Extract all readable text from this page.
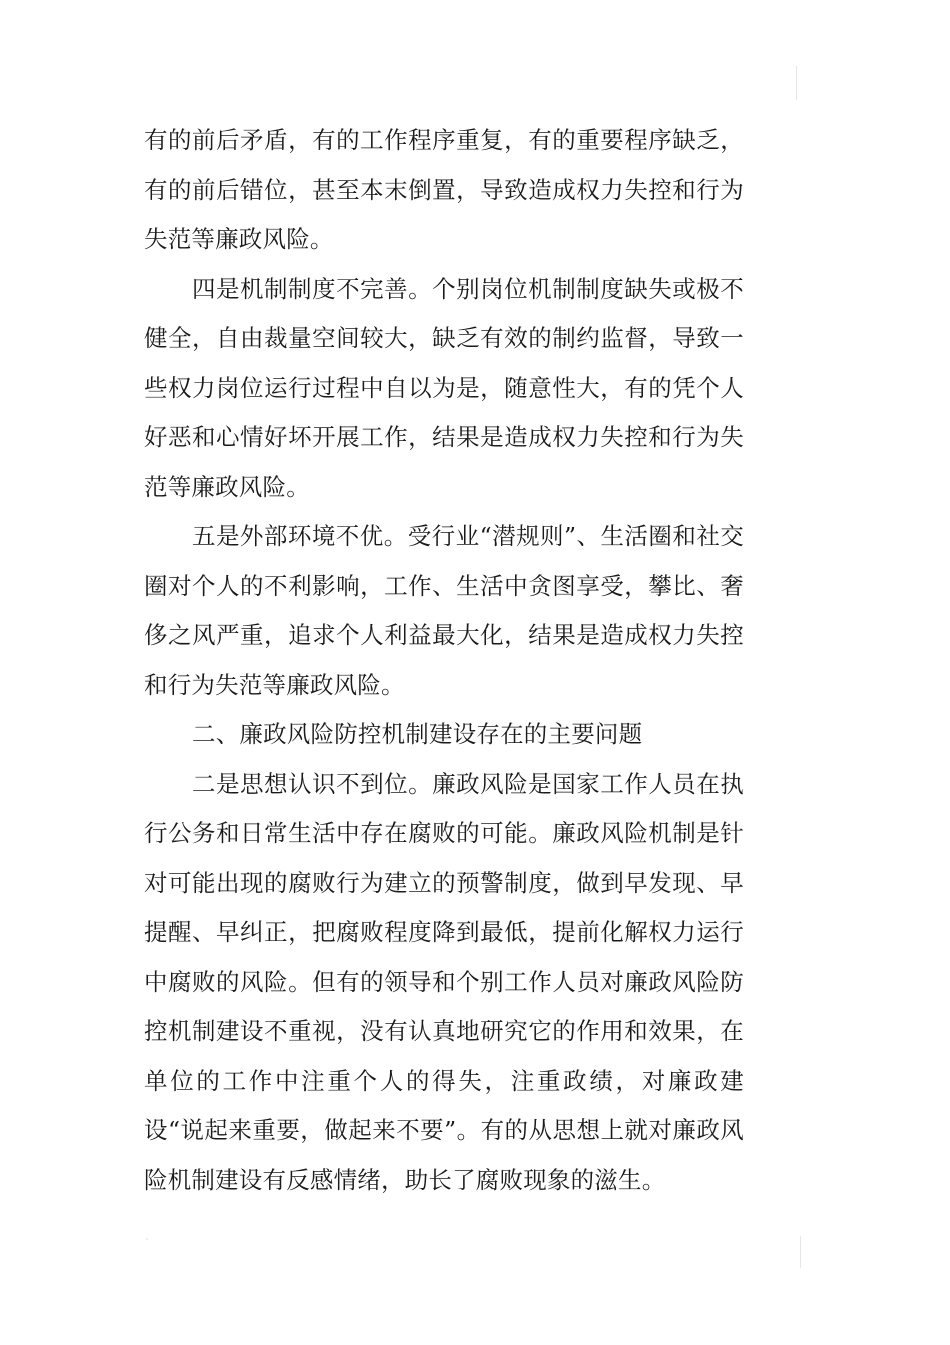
有的前后矛盾，有的工作程序重复，有的重要程序缺乏，有的前后错位，甚至本末倒置，导致造成权力失控和行为失范等廉政风险。

四是机制制度不完善。个别岗位机制制度缺失或极不健全，自由裁量空间较大，缺乏有效的制约监督，导致一些权力岗位运行过程中自以为是，随意性大，有的凭个人好恶和心情好坏开展工作，结果是造成权力失控和行为失范等廉政风险。

五是外部环境不优。受行业“潜规则”、生活圈和社交圈对个人的不利影响，工作、生活中贪图享受，攀比、奢侈之风严重，追求个人利益最大化，结果是造成权力失控和行为失范等廉政风险。

二、廉政风险防控机制建设存在的主要问题

二是思想认识不到位。廉政风险是国家工作人员在执行公务和日常生活中存在腐败的可能。廉政风险机制是针对可能出现的腐败行为建立的预警制度，做到早发现、早提醒、早纠正，把腐败程度降到最低，提前化解权力运行中腐败的风险。但有的领导和个别工作人员对廉政风险防控机制建设不重视，没有认真地研究它的作用和效果，在单位的工作中注重个人的得失，注重政绩，对廉政建设“说起来重要，做起来不要”。有的从思想上就对廉政风险机制建设有反感情绪，助长了腐败现象的滋生。
